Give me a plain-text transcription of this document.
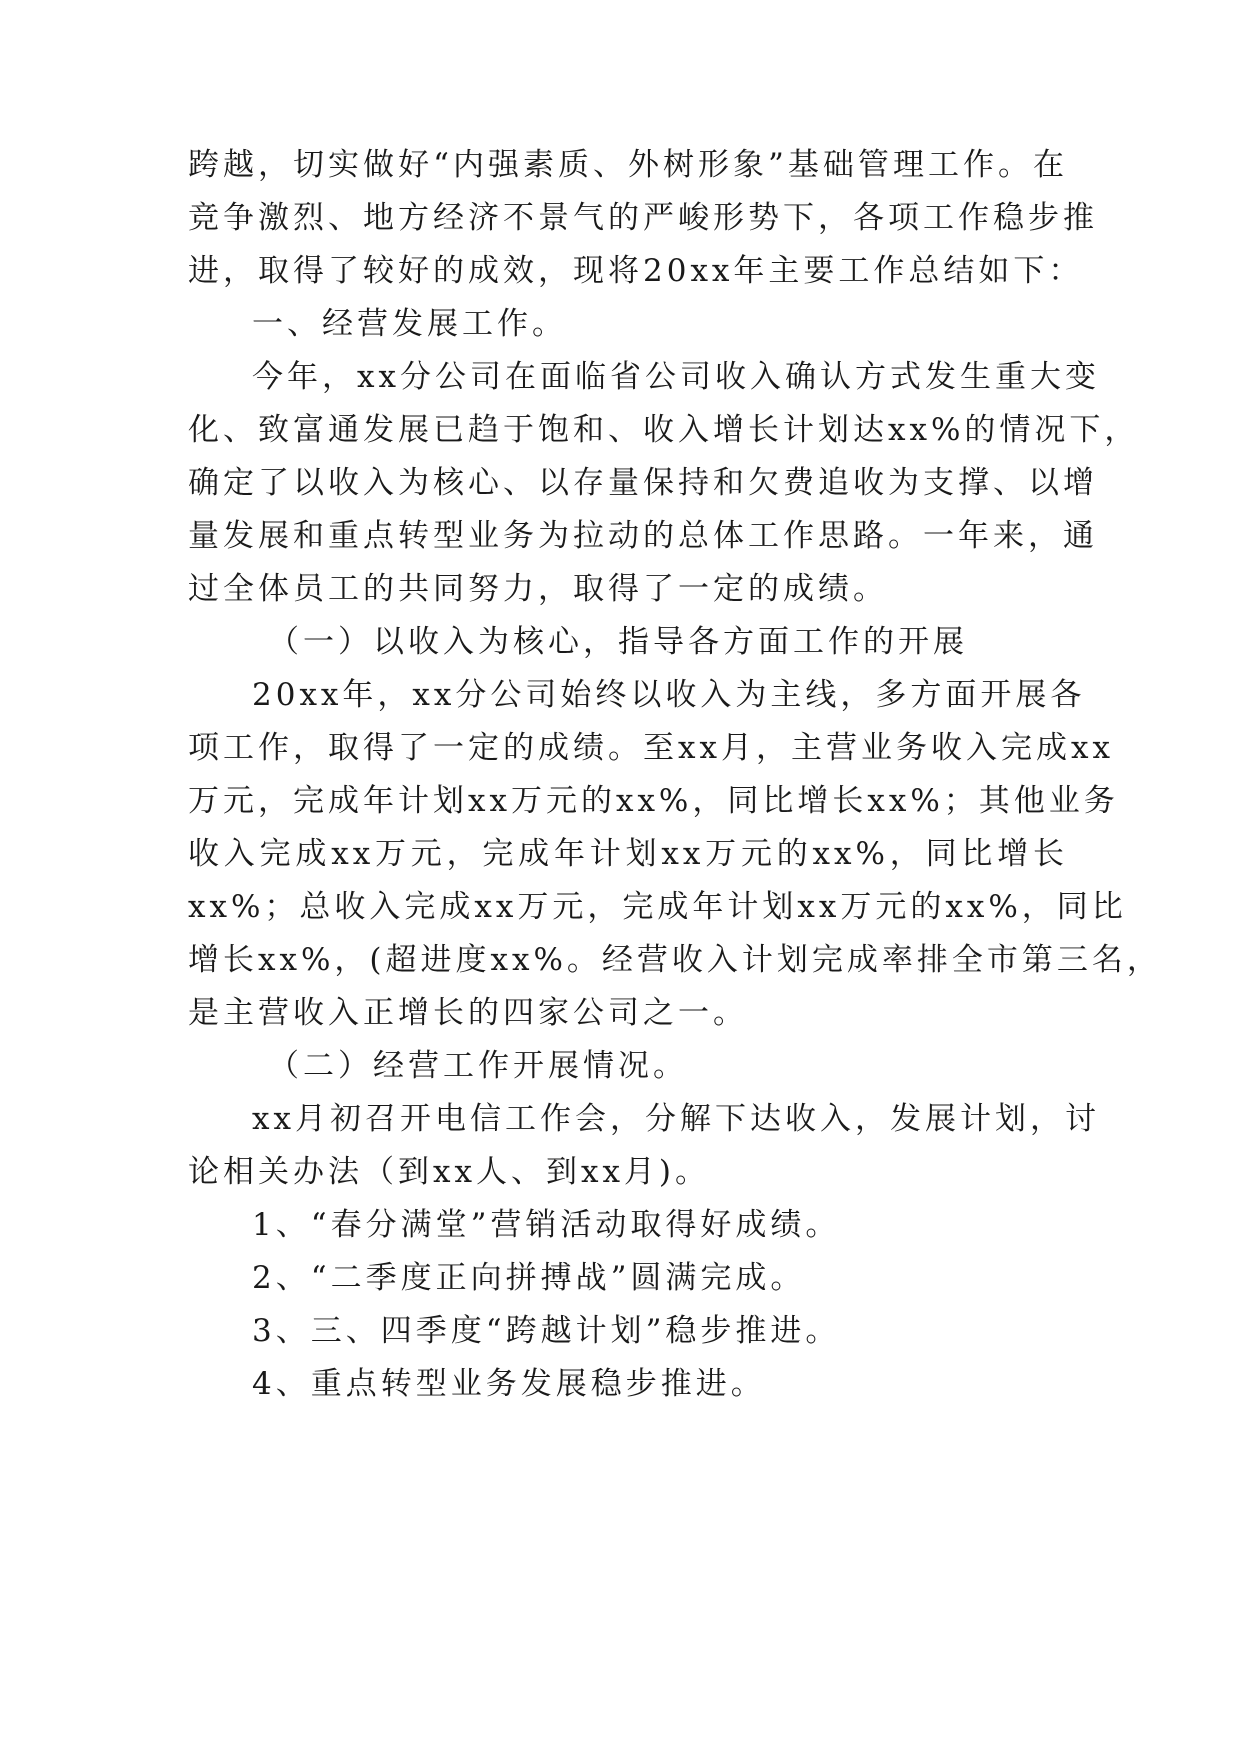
跨越，切实做好“内强素质、外树形象”基础管理工作。在
竞争激烈、地方经济不景气的严峻形势下，各项工作稳步推
进，取得了较好的成效，现将20xx年主要工作总结如下：
一、经营发展工作。
今年，xx分公司在面临省公司收入确认方式发生重大变
化、致富通发展已趋于饱和、收入增长计划达xx%的情况下，
确定了以收入为核心、以存量保持和欠费追收为支撑、以增
量发展和重点转型业务为拉动的总体工作思路。一年来，通
过全体员工的共同努力，取得了一定的成绩。
（一）以收入为核心，指导各方面工作的开展
20xx年，xx分公司始终以收入为主线，多方面开展各
项工作，取得了一定的成绩。至xx月，主营业务收入完成xx
万元，完成年计划xx万元的xx%，同比增长xx%；其他业务
收入完成xx万元，完成年计划xx万元的xx%，同比增长
xx%；总收入完成xx万元，完成年计划xx万元的xx%，同比
增长xx%，(超进度xx%。经营收入计划完成率排全市第三名，
是主营收入正增长的四家公司之一。
（二）经营工作开展情况。
xx月初召开电信工作会，分解下达收入，发展计划，讨
论相关办法（到xx人、到xx月)。
1、“春分满堂”营销活动取得好成绩。
2、“二季度正向拼搏战”圆满完成。
3、三、四季度“跨越计划”稳步推进。
4、重点转型业务发展稳步推进。
